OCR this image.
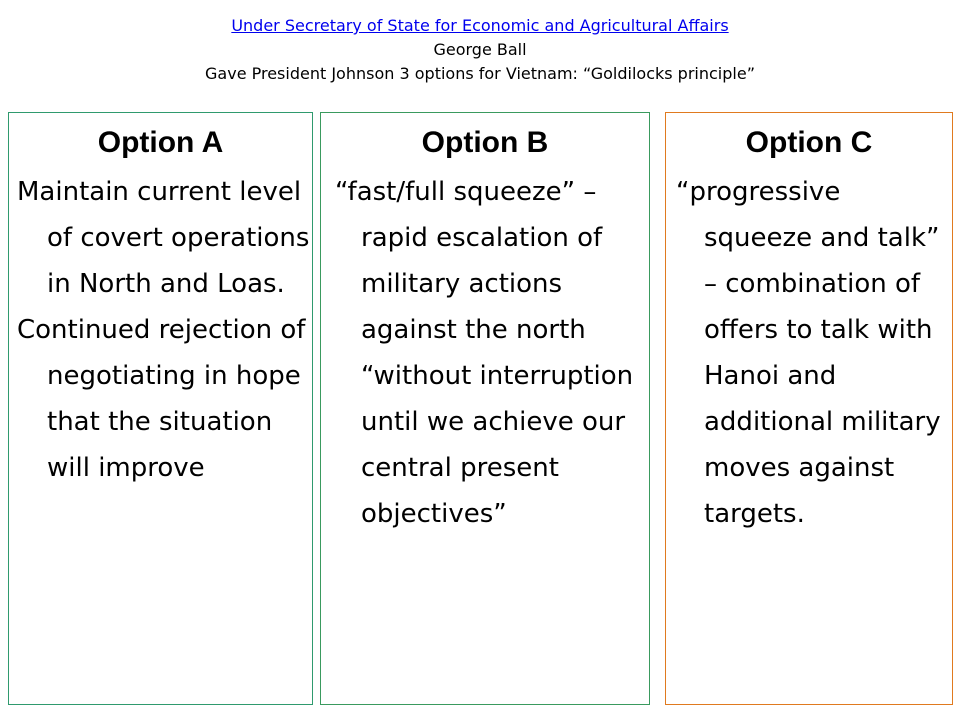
Under Secretary of State for Economic and Agricultural Affairs
George Ball
Gave President Johnson 3 options for Vietnam: “Goldilocks principle”
Option A

Maintain current level of covert operations in North and Loas.

Continued rejection of negotiating in hope that the situation will improve

Option B

“fast/full squeeze” – rapid escalation of military actions against the north “without interruption until we achieve our central present objectives”

Option C

“progressive squeeze and talk” – combination of offers to talk with Hanoi and additional military moves against targets.
